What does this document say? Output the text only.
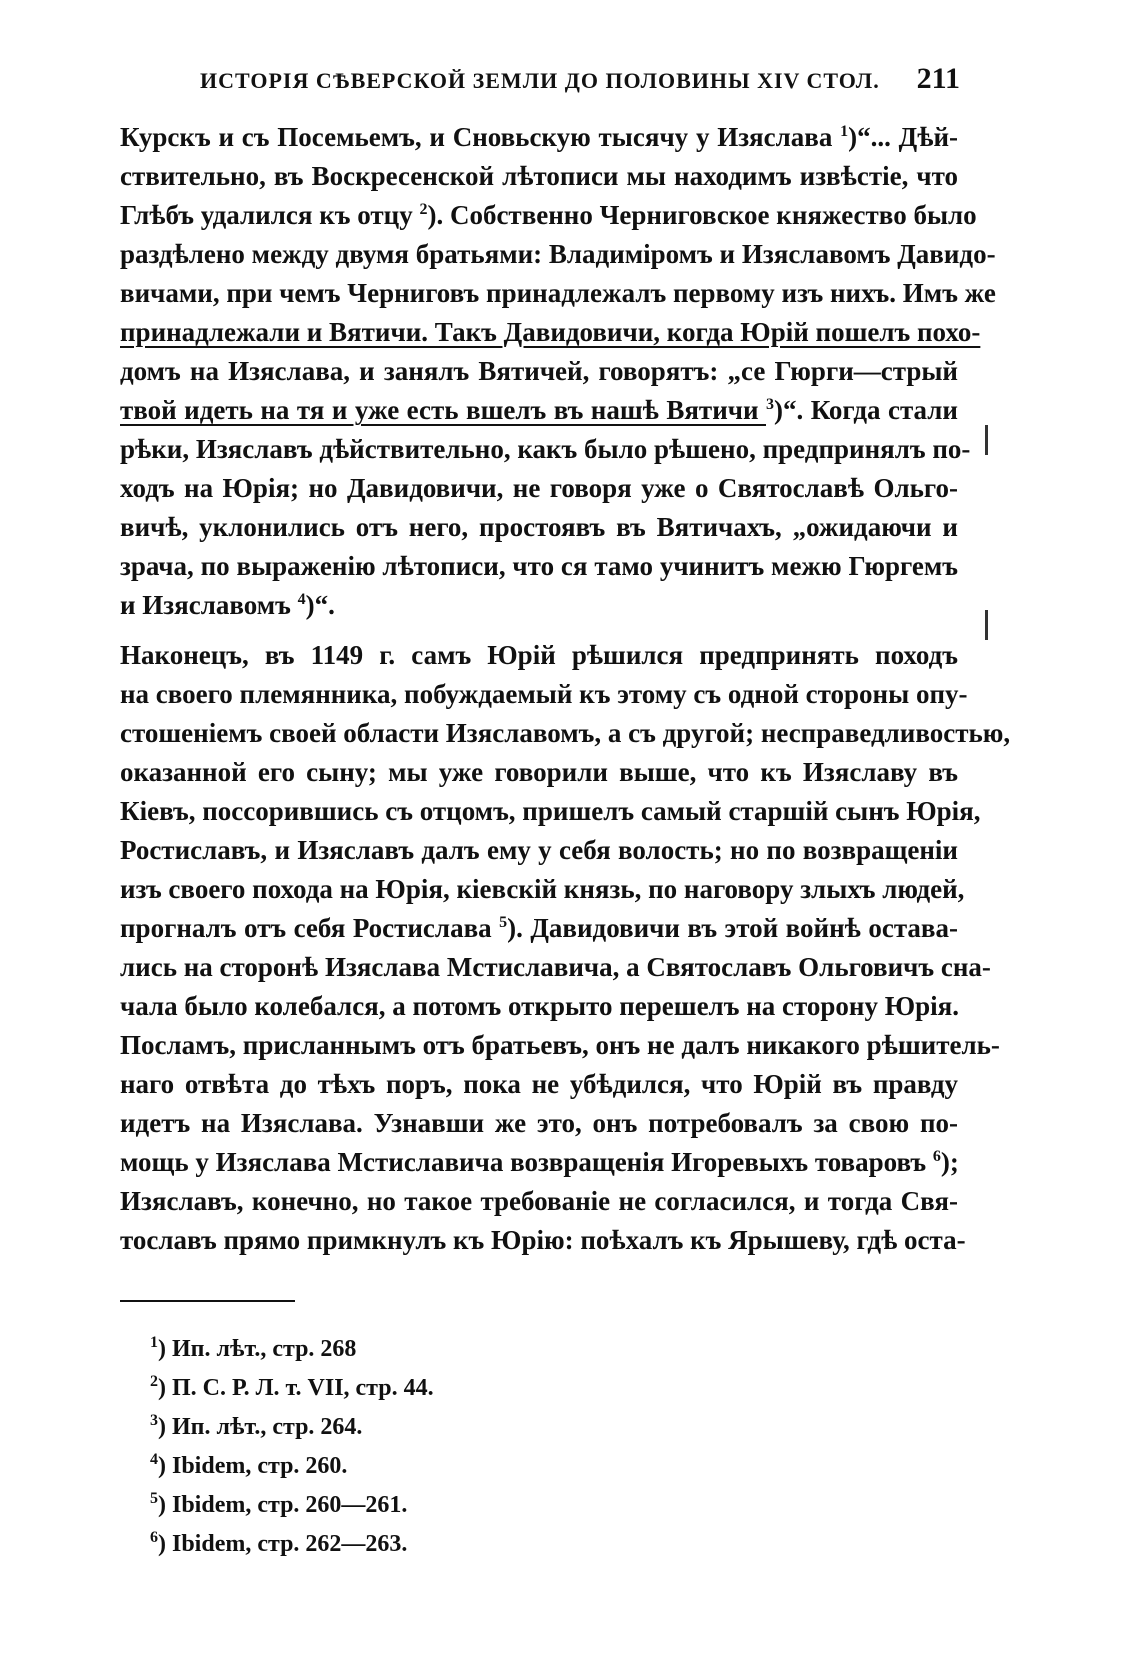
ИСТОРІЯ СѢВЕРСКОЙ ЗЕМЛИ ДО ПОЛОВИНЫ XIV СТОЛ. 211
Курскъ и съ Посемьемъ, и Сновьскую тысячу у Изяслава $^1$)“... Дѣй-
ствительно, въ Воскресенской лѣтописи мы находимъ извѣстіе, что
Глѣбъ удалился къ отцу $^2$). Собственно Черниговское княжество было
раздѣлено между двумя братьями: Владиміромъ и Изяславомъ Давидо-
вичами, при чемъ Черниговъ принадлежалъ первому изъ нихъ. Имъ же
принадлежали и Вятичи. Такъ Давидовичи, когда Юрій пошелъ похо-
домъ на Изяслава, и занялъ Вятичей, говорятъ: „се Гюрги—стрый
твой идеть на тя и уже есть вшелъ въ нашѣ Вятичи $^3$)“. Когда стали
рѣки, Изяславъ дѣйствительно, какъ было рѣшено, предпринялъ по-
ходъ на Юрія; но Давидовичи, не говоря уже о Святославѣ Ольго-
вичѣ, уклонились отъ него, простоявъ въ Вятичахъ, „ожидаючи и
зрача, по выраженію лѣтописи, что ся тамо учинитъ межю Гюргемъ
и Изяславомъ $^4$)“.
Наконецъ, въ 1149 г. самъ Юрій рѣшился предпринять походъ
на своего племянника, побуждаемый къ этому съ одной стороны опу-
стошеніемъ своей области Изяславомъ, а съ другой; несправедливостью,
оказанной его сыну; мы уже говорили выше, что къ Изяславу въ
Кіевъ, поссорившись съ отцомъ, пришелъ самый старшій сынъ Юрія,
Ростиславъ, и Изяславъ далъ ему у себя волость; но по возвращеніи
изъ своего похода на Юрія, кіевскій князь, по наговору злыхъ людей,
прогналъ отъ себя Ростислава $^5$). Давидовичи въ этой войнѣ остава-
лись на сторонѣ Изяслава Мстиславича, а Святославъ Ольговичъ сна-
чала было колебался, а потомъ открыто перешелъ на сторону Юрія.
Посламъ, присланнымъ отъ братьевъ, онъ не далъ никакого рѣшитель-
наго отвѣта до тѣхъ поръ, пока не убѣдился, что Юрій въ правду
идетъ на Изяслава. Узнавши же это, онъ потребовалъ за свою по-
мощь у Изяслава Мстиславича возвращенія Игоревыхъ товаровъ $^6$);
Изяславъ, конечно, но такое требованіе не согласился, и тогда Свя-
тославъ прямо примкнулъ къ Юрію: поѣхалъ къ Ярышеву, гдѣ оста-
$^1$) Ип. лѣт., стр. 268
$^2$) П. С. Р. Л. т. VII, стр. 44.
$^3$) Ип. лѣт., стр. 264.
$^4$) Ibidem, стр. 260.
$^5$) Ibidem, стр. 260—261.
$^6$) Ibidem, стр. 262—263.
